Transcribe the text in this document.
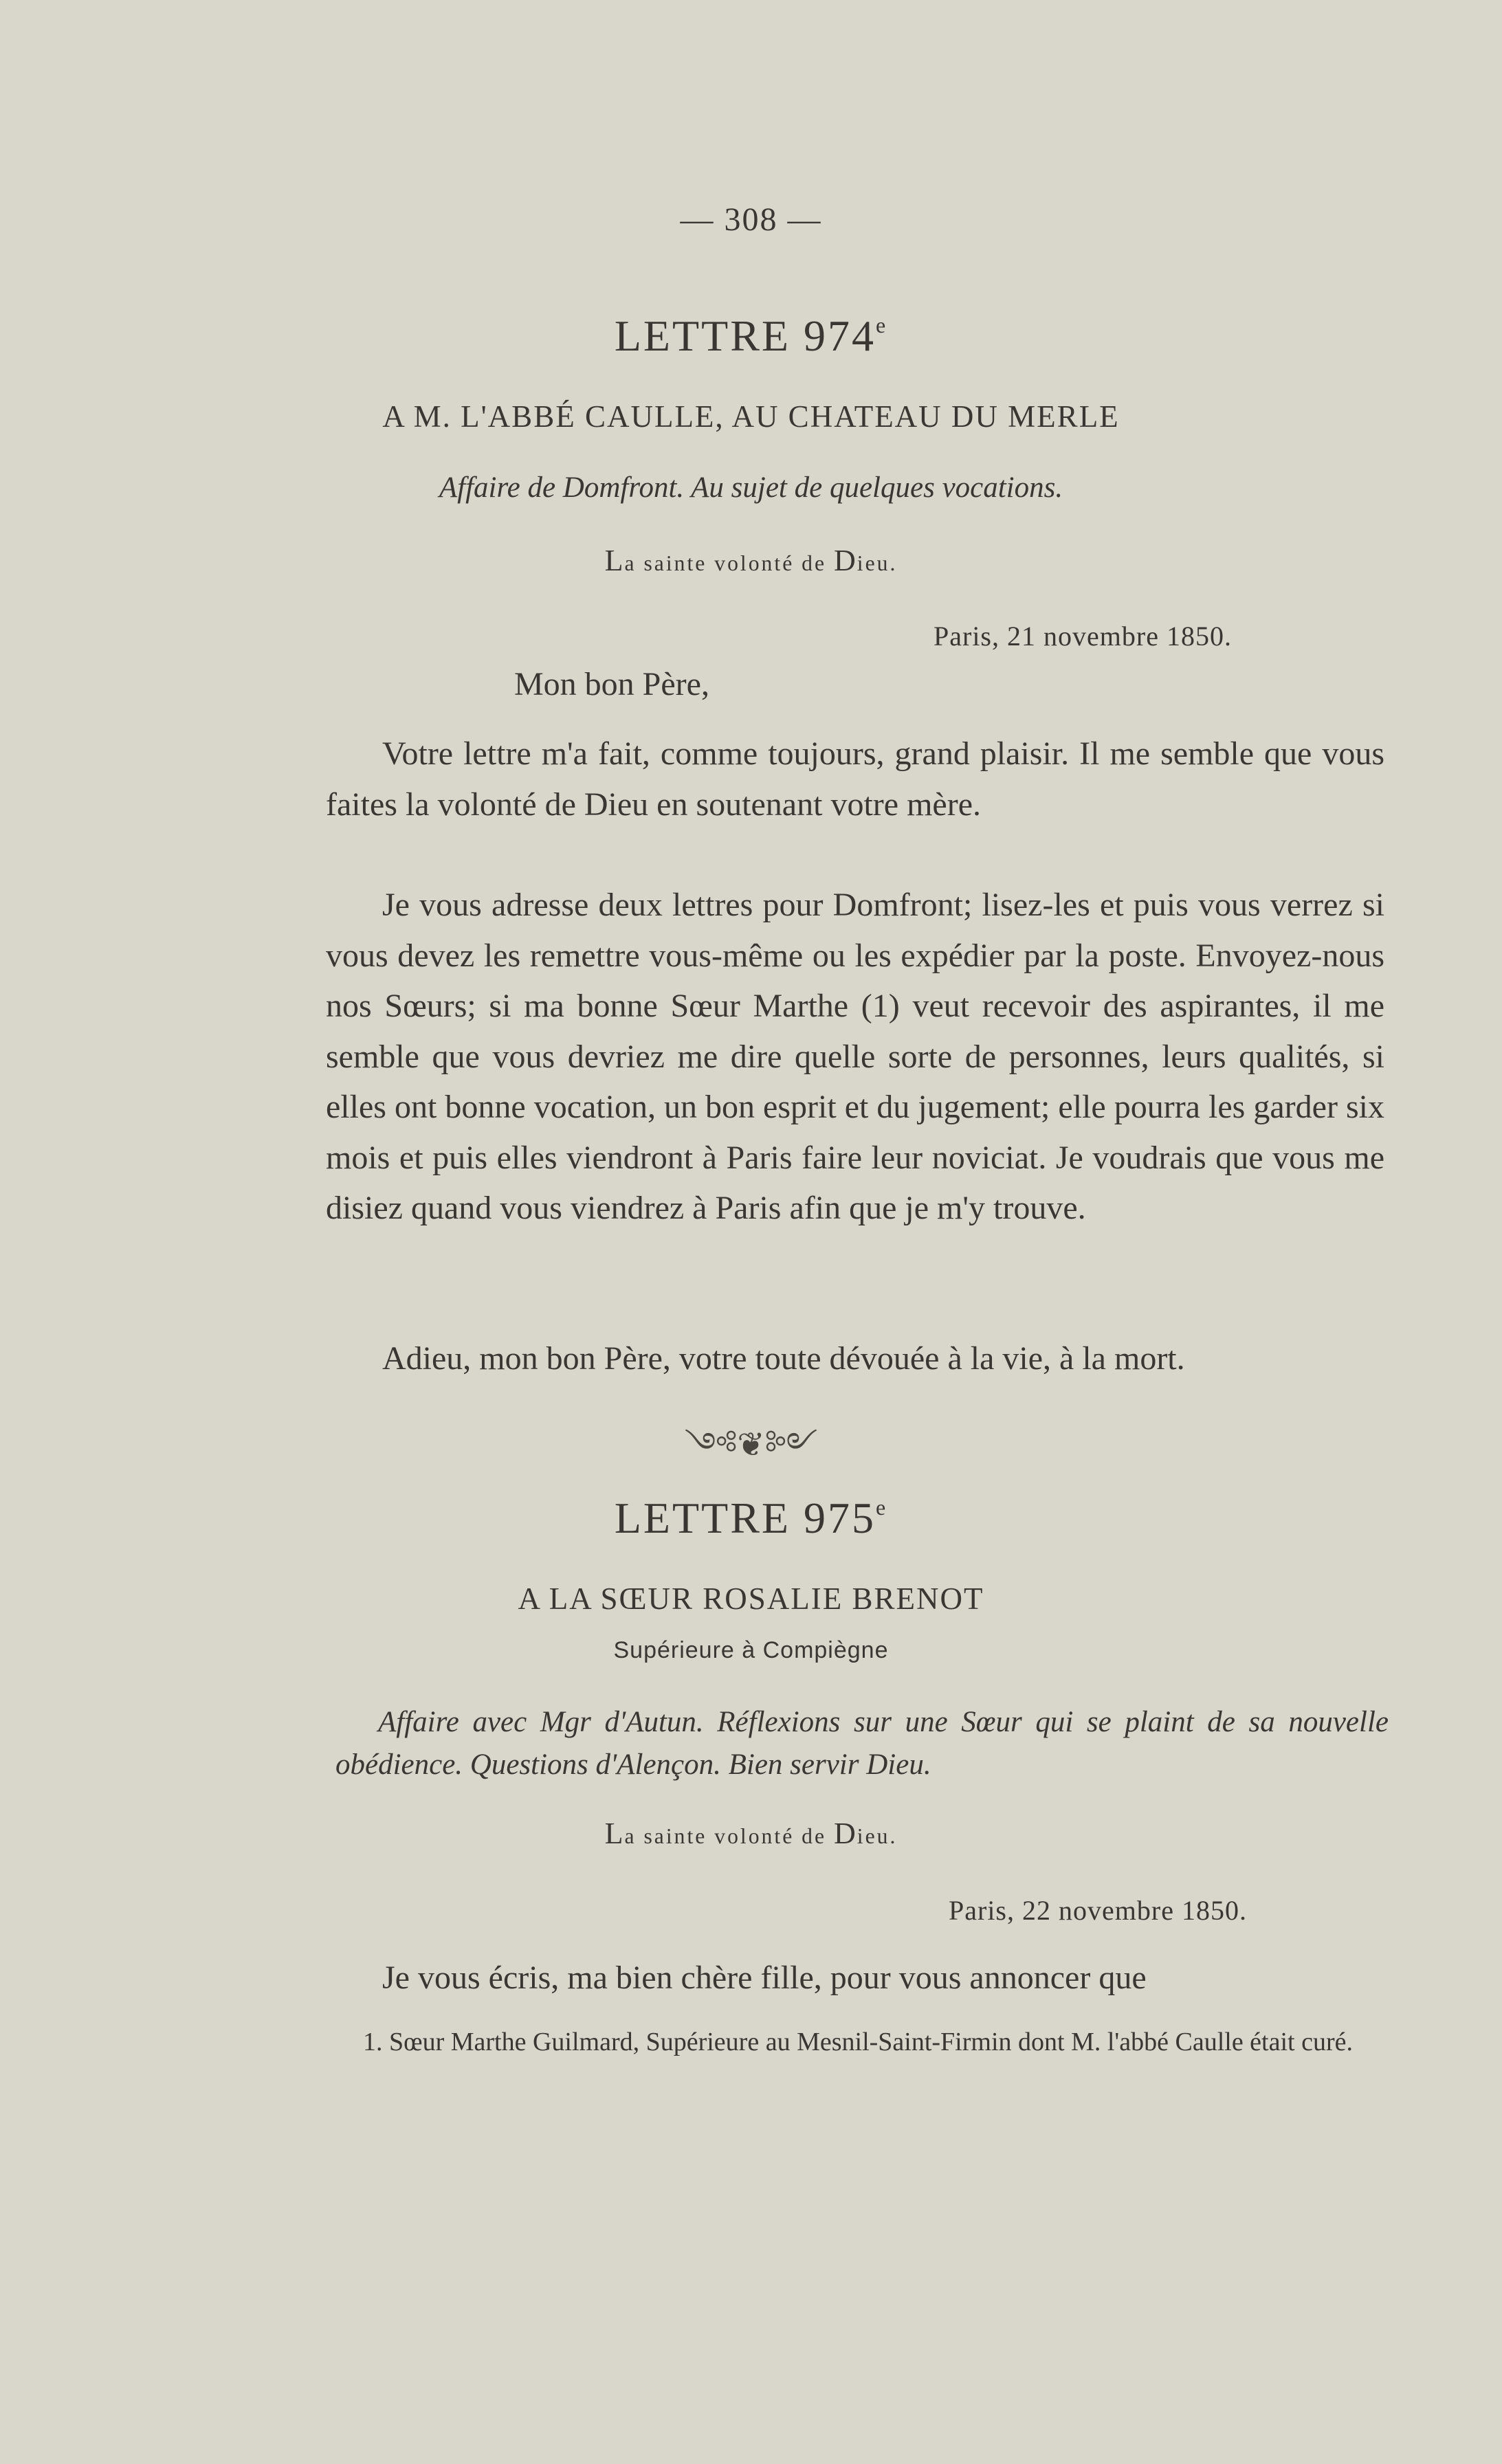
— 308 —
LETTRE 974e
A M. L'ABBÉ CAULLE, AU CHATEAU DU MERLE
Affaire de Domfront. Au sujet de quelques vocations.
La sainte volonté de Dieu.
Paris, 21 novembre 1850.
Mon bon Père,
Votre lettre m'a fait, comme toujours, grand plaisir. Il me semble que vous faites la volonté de Dieu en soutenant votre mère.
Je vous adresse deux lettres pour Domfront; lisez-les et puis vous verrez si vous devez les remettre vous-même ou les expédier par la poste. Envoyez-nous nos Sœurs; si ma bonne Sœur Marthe (1) veut recevoir des aspirantes, il me semble que vous devriez me dire quelle sorte de personnes, leurs qualités, si elles ont bonne vocation, un bon esprit et du jugement; elle pourra les garder six mois et puis elles viendront à Paris faire leur noviciat. Je voudrais que vous me disiez quand vous viendrez à Paris afin que je m'y trouve.
Adieu, mon bon Père, votre toute dévouée à la vie, à la mort.
༺❦༻
LETTRE 975e
A LA SŒUR ROSALIE BRENOT
Supérieure à Compiègne
Affaire avec Mgr d'Autun. Réflexions sur une Sœur qui se plaint de sa nouvelle obédience. Questions d'Alençon. Bien servir Dieu.
La sainte volonté de Dieu.
Paris, 22 novembre 1850.
Je vous écris, ma bien chère fille, pour vous annoncer que
1. Sœur Marthe Guilmard, Supérieure au Mesnil-Saint-Firmin dont M. l'abbé Caulle était curé.
